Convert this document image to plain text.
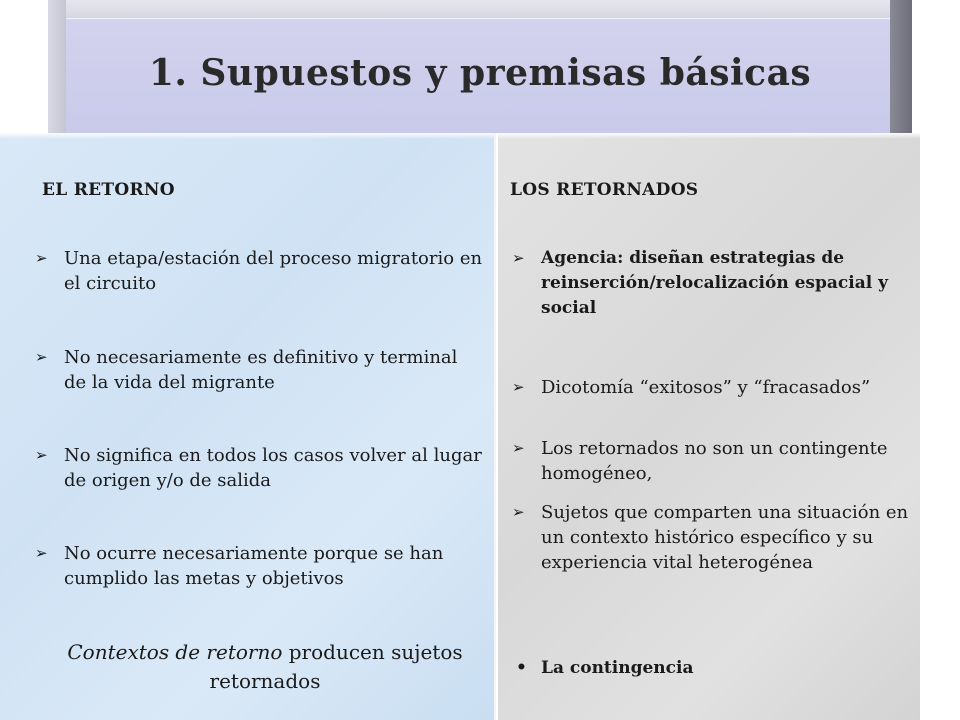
1. Supuestos y premisas básicas
EL RETORNO
➢ Una etapa/estación del proceso migratorio en el circuito
➢ No necesariamente es definitivo y terminal de la vida del migrante
➢ No significa en todos los casos volver al lugar de origen y/o de salida
➢ No ocurre necesariamente porque se han cumplido las metas y objetivos
Contextos de retorno producen sujetos retornados
LOS RETORNADOS
➢ Agencia: diseñan estrategias de reinserción/relocalización espacial y social
➢ Dicotomía “exitosos” y “fracasados”
➢ Los retornados no son un contingente homogéneo,
➢ Sujetos que comparten una situación en un contexto histórico específico y su experiencia vital heterogénea
• La contingencia
